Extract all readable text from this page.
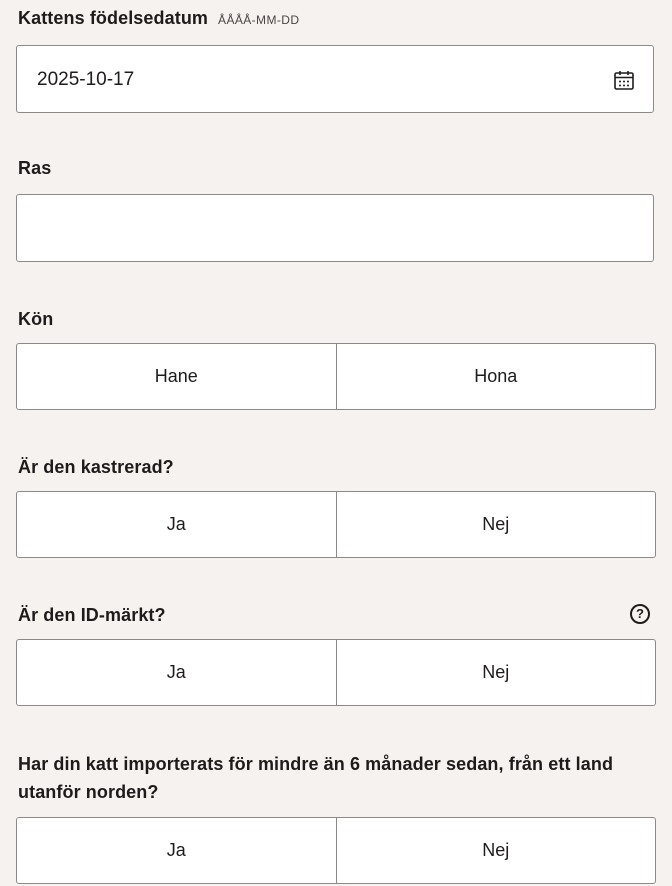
Kattens födelsedatum ÅÅÅÅ-MM-DD
2025-10-17
Ras
Kön
Hane	Hona
Är den kastrerad?
Ja	Nej
Är den ID-märkt?	?
Ja	Nej
Har din katt importerats för mindre än 6 månader sedan, från ett land utanför norden?
Ja	Nej
